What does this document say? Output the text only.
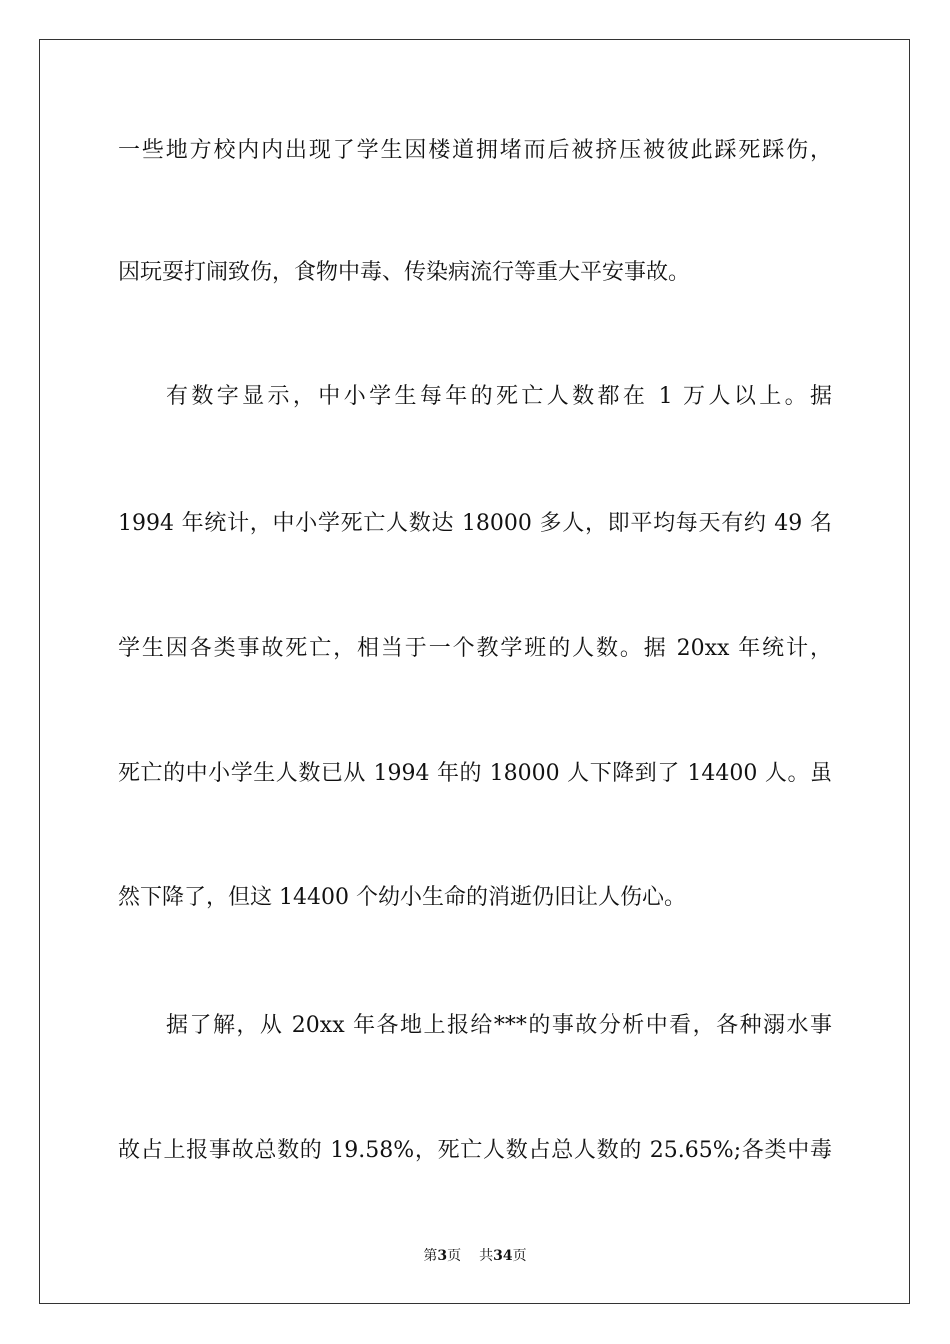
一些地方校内内出现了学生因楼道拥堵而后被挤压被彼此踩死踩伤，
因玩耍打闹致伤，食物中毒、传染病流行等重大平安事故。
有数字显示，中小学生每年的死亡人数都在 1 万人以上。据
1994 年统计，中小学死亡人数达 18000 多人，即平均每天有约 49 名
学生因各类事故死亡，相当于一个教学班的人数。据 20xx 年统计，
死亡的中小学生人数已从 1994 年的 18000 人下降到了 14400 人。虽
然下降了，但这 14400 个幼小生命的消逝仍旧让人伤心。
据了解，从 20xx 年各地上报给***的事故分析中看，各种溺水事
故占上报事故总数的 19.58%，死亡人数占总人数的 25.65%;各类中毒
第3页 共34页
